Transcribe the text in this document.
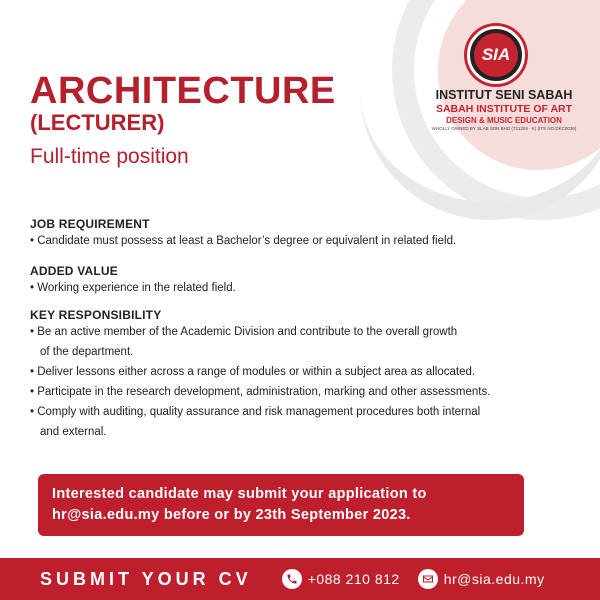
ARCHITECTURE
(LECTURER)
Full-time position
SIA
INSTITUT SENI SABAH
SABAH INSTITUTE OF ART
DESIGN & MUSIC EDUCATION
WHOLLY OWNED BY SLAB SDN BHD (721204 - K) (ITS NO.DKC0036)
JOB REQUIREMENT
• Candidate must possess at least a Bachelor’s degree or equivalent in related field.
ADDED VALUE
• Working experience in the related field.
KEY RESPONSIBILITY
• Be an active member of the Academic Division and contribute to the overall growth
of the department.
• Deliver lessons either across a range of modules or within a subject area as allocated.
• Participate in the research development, administration, marking and other assessments.
• Comply with auditing, quality assurance and risk management procedures both internal
and external.
Interested candidate may submit your application to
hr@sia.edu.my before or by 23th September 2023.
SUBMIT YOUR CV	+088 210 812	hr@sia.edu.my
